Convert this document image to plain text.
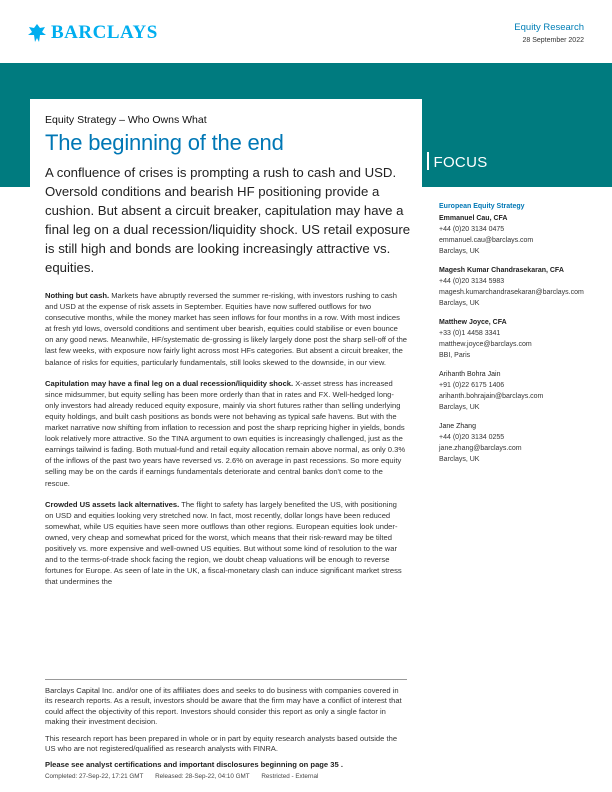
BARCLAYS	Equity Research
28 September 2022
FOCUS
Equity Strategy – Who Owns What
The beginning of the end
A confluence of crises is prompting a rush to cash and USD. Oversold conditions and bearish HF positioning provide a cushion. But absent a circuit breaker, capitulation may have a final leg on a dual recession/liquidity shock. US retail exposure is still high and bonds are looking increasingly attractive vs. equities.

Nothing but cash. Markets have abruptly reversed the summer re-risking, with investors rushing to cash and USD at the expense of risk assets in September. Equities have now suffered outflows for two consecutive months, while the money market has seen inflows for four months in a row. With most indices at fresh ytd lows, oversold conditions and sentiment uber bearish, equities could stabilise or even bounce on any good news. Meanwhile, HF/systematic de-grossing is likely largely done post the sharp sell-off of the last few weeks, with exposure now fairly light across most HFs categories. But absent a circuit breaker, the balance of risks for equities, particularly fundamentals, still looks skewed to the downside, in our view.

Capitulation may have a final leg on a dual recession/liquidity shock. X-asset stress has increased since midsummer, but equity selling has been more orderly than that in rates and FX. Well-hedged long-only investors had already reduced equity exposure, mainly via short futures rather than selling underlying equity holdings, and built cash positions as bonds were not behaving as typical safe havens. But with the market narrative now shifting from inflation to recession and post the sharp repricing higher in yields, bonds look relatively more attractive. So the TINA argument to own equities is increasingly challenged, just as the earnings tailwind is fading. Both mutual-fund and retail equity allocation remain above normal, as only 0.3% of the inflows of the past two years have reversed vs. 2.6% on average in past recessions. So more equity selling may be on the cards if earnings fundamentals deteriorate and central banks don't come to the rescue.

Crowded US assets lack alternatives. The flight to safety has largely benefited the US, with positioning on USD and equities looking very stretched now. In fact, most recently, dollar longs have been reduced somewhat, while US equities have seen more outflows than other regions. European equities look under-owned, very cheap and somewhat priced for the worst, which means that their risk-reward may be tilted positively vs. more expensive and well-owned US equities. But without some kind of resolution to the war and to the terms-of-trade shock facing the region, we doubt cheap valuations will be enough to reverse fortunes for Europe. As seen of late in the UK, a fiscal-monetary clash can induce significant market stress that undermines the

European Equity Strategy
Emmanuel Cau, CFA
+44 (0)20 3134 0475
emmanuel.cau@barclays.com
Barclays, UK
Magesh Kumar Chandrasekaran, CFA
+44 (0)20 3134 5983
magesh.kumarchandrasekaran@barclays.com
Barclays, UK
Matthew Joyce, CFA
+33 (0)1 4458 3341
matthew.joyce@barclays.com
BBI, Paris
Arihanth Bohra Jain
+91 (0)22 6175 1406
arihanth.bohrajain@barclays.com
Barclays, UK
Jane Zhang
+44 (0)20 3134 0255
jane.zhang@barclays.com
Barclays, UK

Barclays Capital Inc. and/or one of its affiliates does and seeks to do business with companies covered in its research reports. As a result, investors should be aware that the firm may have a conflict of interest that could affect the objectivity of this report. Investors should consider this report as only a single factor in making their investment decision.

This research report has been prepared in whole or in part by equity research analysts based outside the US who are not registered/qualified as research analysts with FINRA.

Please see analyst certifications and important disclosures beginning on page 35 .
Completed: 27-Sep-22, 17:21 GMT Released: 28-Sep-22, 04:10 GMT Restricted - External
